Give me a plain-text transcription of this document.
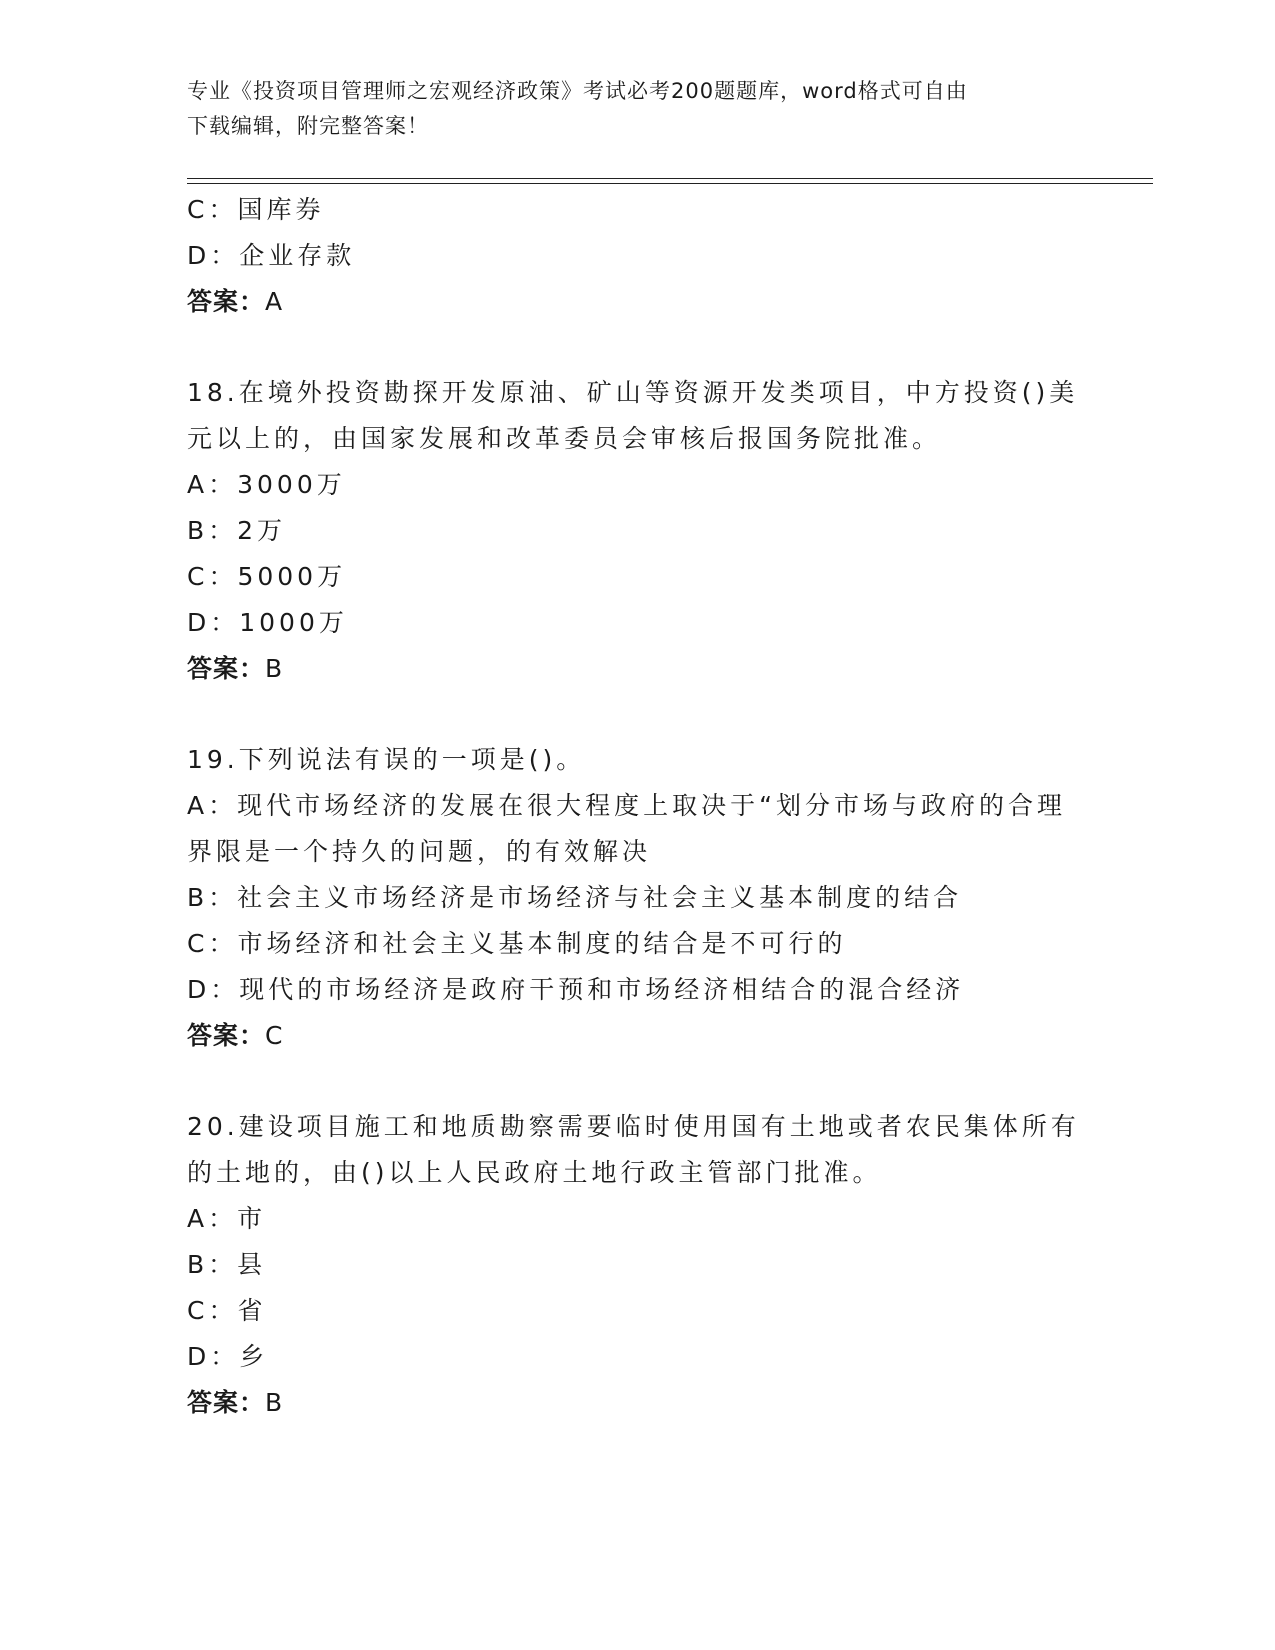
专业《投资项目管理师之宏观经济政策》考试必考200题题库，word格式可自由
下载编辑，附完整答案！
C：国库券
D：企业存款
答案：A
18.在境外投资勘探开发原油、矿山等资源开发类项目，中方投资()美
元以上的，由国家发展和改革委员会审核后报国务院批准。
A：3000万
B：2万
C：5000万
D：1000万
答案：B
19.下列说法有误的一项是()。
A：现代市场经济的发展在很大程度上取决于“划分市场与政府的合理
界限是一个持久的问题，的有效解决
B：社会主义市场经济是市场经济与社会主义基本制度的结合
C：市场经济和社会主义基本制度的结合是不可行的
D：现代的市场经济是政府干预和市场经济相结合的混合经济
答案：C
20.建设项目施工和地质勘察需要临时使用国有土地或者农民集体所有
的土地的，由()以上人民政府土地行政主管部门批准。
A：市
B：县
C：省
D：乡
答案：B
